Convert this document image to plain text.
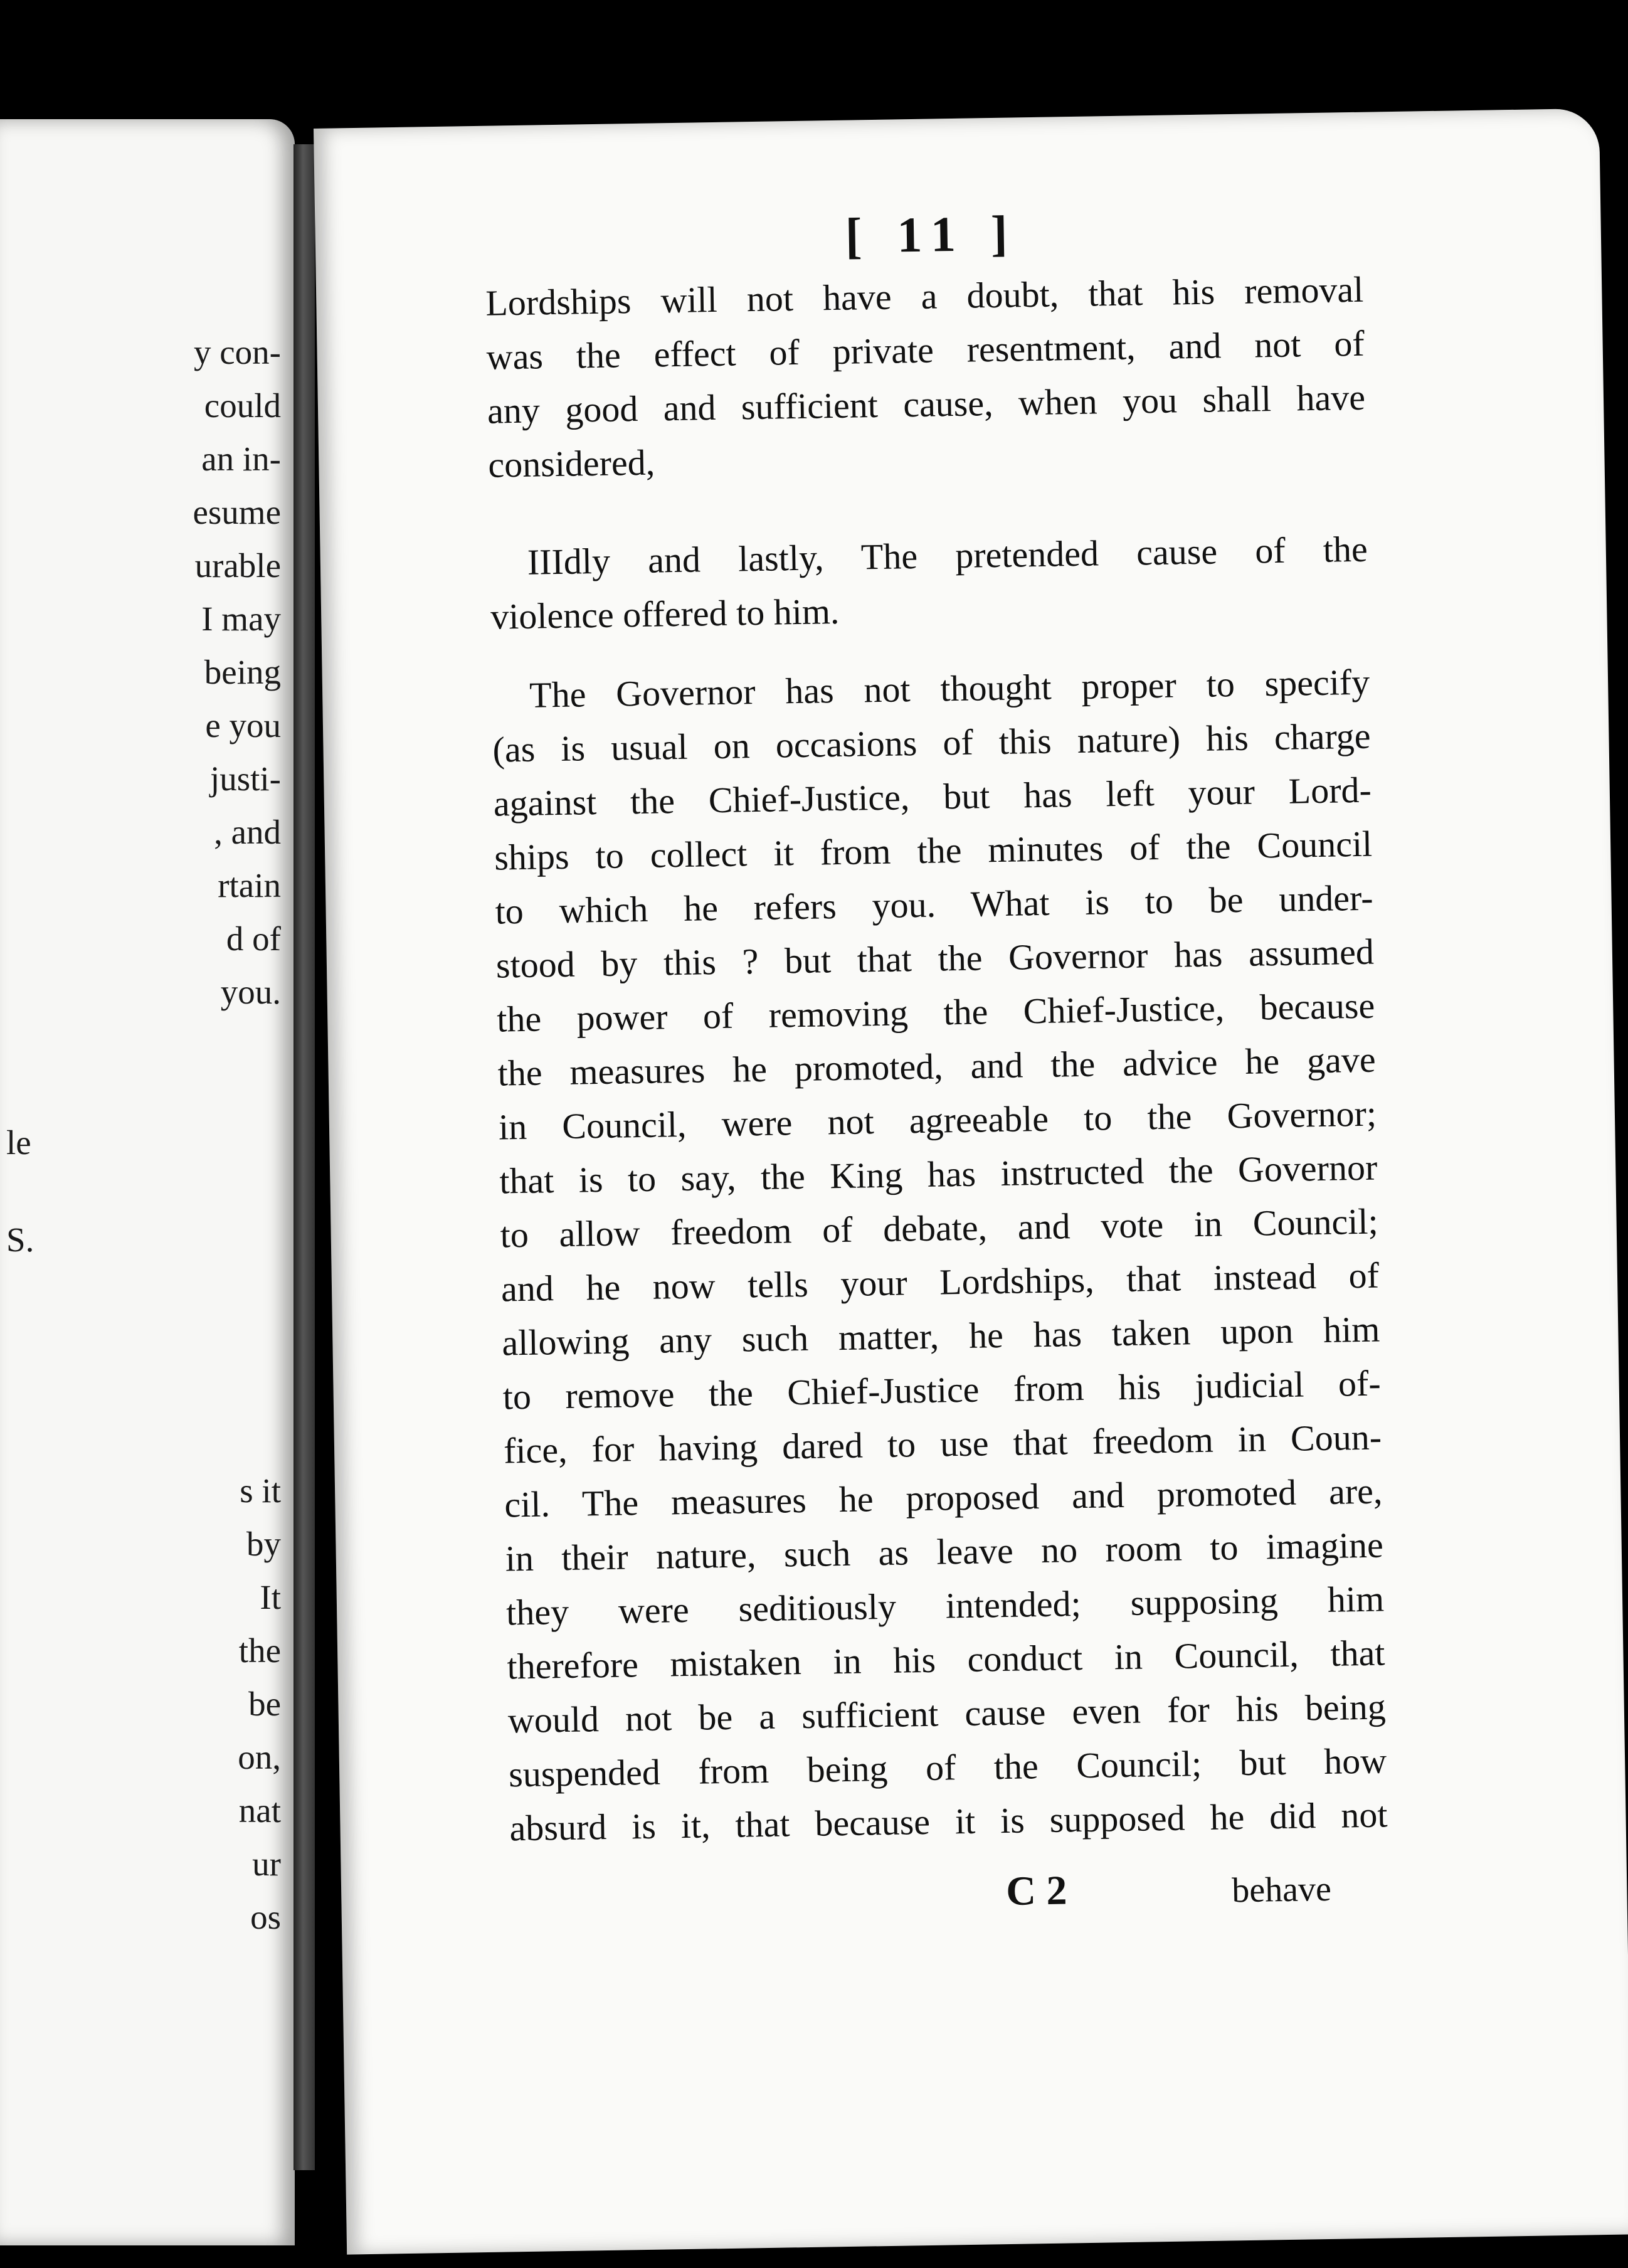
y con-
could
an in-
esume
urable
I may
being
e you
justi-
, and
rtain
d of
you.
le
S.
s it
by
It
the
be
on,
nat
ur
os
[ 11 ]
Lordships will not have a doubt, that his removal
was the effect of private resentment, and not of
any good and sufficient cause, when you shall have
considered,
IIIdly and lastly, The pretended cause of the
violence offered to him.
The Governor has not thought proper to specify
(as is usual on occasions of this nature) his charge
against the Chief-Justice, but has left your Lord-
ships to collect it from the minutes of the Council
to which he refers you. What is to be under-
stood by this ? but that the Governor has assumed
the power of removing the Chief-Justice, because
the measures he promoted, and the advice he gave
in Council, were not agreeable to the Governor;
that is to say, the King has instructed the Governor
to allow freedom of debate, and vote in Council;
and he now tells your Lordships, that instead of
allowing any such matter, he has taken upon him
to remove the Chief-Justice from his judicial of-
fice, for having dared to use that freedom in Coun-
cil. The measures he proposed and promoted are,
in their nature, such as leave no room to imagine
they were seditiously intended; supposing him
therefore mistaken in his conduct in Council, that
would not be a sufficient cause even for his being
suspended from being of the Council; but how
absurd is it, that because it is supposed he did not
C 2	behave
